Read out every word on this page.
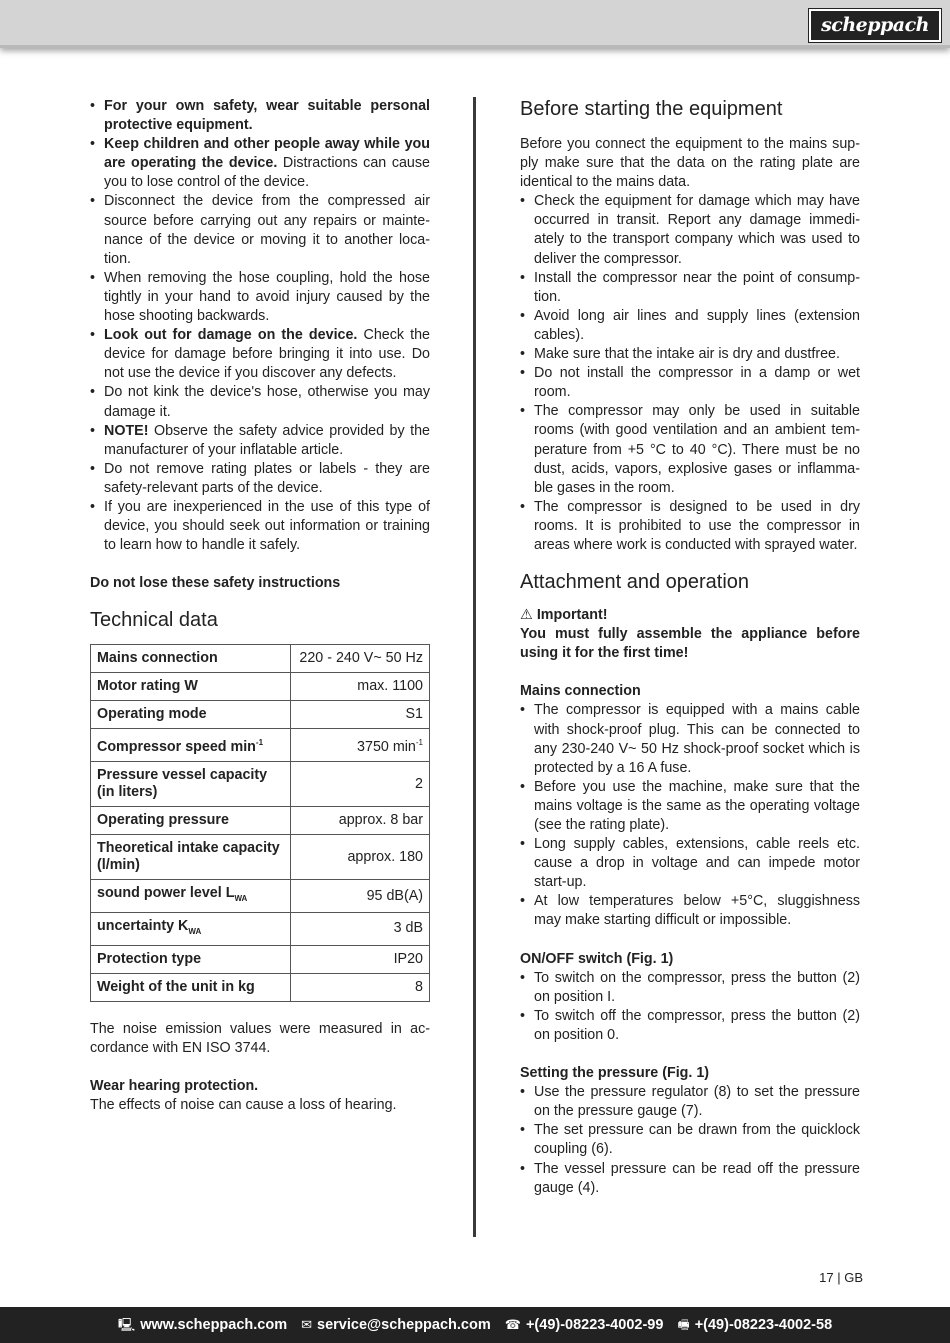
scheppach
• For your own safety, wear suitable personal protective equipment.
• Keep children and other people away while you are operating the device. Distractions can cause you to lose control of the device.
• Disconnect the device from the compressed air source before carrying out any repairs or mainte-nance of the device or moving it to another loca-tion.
• When removing the hose coupling, hold the hose tightly in your hand to avoid injury caused by the hose shooting backwards.
• Look out for damage on the device. Check the device for damage before bringing it into use. Do not use the device if you discover any defects.
• Do not kink the device's hose, otherwise you may damage it.
• NOTE! Observe the safety advice provided by the manufacturer of your inflatable article.
• Do not remove rating plates or labels - they are safety-relevant parts of the device.
• If you are inexperienced in the use of this type of device, you should seek out information or training to learn how to handle it safely.
Do not lose these safety instructions
Technical data
Mains connection	220 - 240 V~ 50 Hz
Motor rating W	max. 1100
Operating mode	S1
Compressor speed $\min^{-1}$	3750 $\min^{-1}$
Pressure vessel capacity (in liters)	2
Operating pressure	approx. 8 bar
Theoretical intake capacity (l/min)	approx. 180
sound power level $L_{WA}$	95 dB(A)
uncertainty $K_{WA}$	3 dB
Protection type	IP20
Weight of the unit in kg	8

The noise emission values were measured in ac-cordance with EN ISO 3744.

Wear hearing protection.

The effects of noise can cause a loss of hearing.

Before starting the equipment

Before you connect the equipment to the mains sup-ply make sure that the data on the rating plate are identical to the mains data.

• Check the equipment for damage which may have occurred in transit. Report any damage immedi-ately to the transport company which was used to deliver the compressor.
• Install the compressor near the point of consump-tion.
• Avoid long air lines and supply lines (extension cables).
• Make sure that the intake air is dry and dustfree.
• Do not install the compressor in a damp or wet room.
• The compressor may only be used in suitable rooms (with good ventilation and an ambient tem-perature from +5 °C to 40 °C). There must be no dust, acids, vapors, explosive gases or inflamma-ble gases in the room.
• The compressor is designed to be used in dry rooms. It is prohibited to use the compressor in areas where work is conducted with sprayed water.
Attachment and operation
⚠ Important!

You must fully assemble the appliance before using it for the first time!

Mains connection
• The compressor is equipped with a mains cable with shock-proof plug. This can be connected to any 230-240 V~ 50 Hz shock-proof socket which is protected by a 16 A fuse.
• Before you use the machine, make sure that the mains voltage is the same as the operating voltage (see the rating plate).
• Long supply cables, extensions, cable reels etc. cause a drop in voltage and can impede motor start-up.
• At low temperatures below +5°C, sluggishness may make starting difficult or impossible.
ON/OFF switch (Fig. 1)
• To switch on the compressor, press the button (2) on position I.
• To switch off the compressor, press the button (2) on position 0.
Setting the pressure (Fig. 1)
• Use the pressure regulator (8) to set the pressure on the pressure gauge (7).
• The set pressure can be drawn from the quicklock coupling (6).
• The vessel pressure can be read off the pressure gauge (4).
17 | GB
🖳 www.scheppach.com ✉ service@scheppach.com ☎ +(49)-08223-4002-99 🖷 +(49)-08223-4002-58
